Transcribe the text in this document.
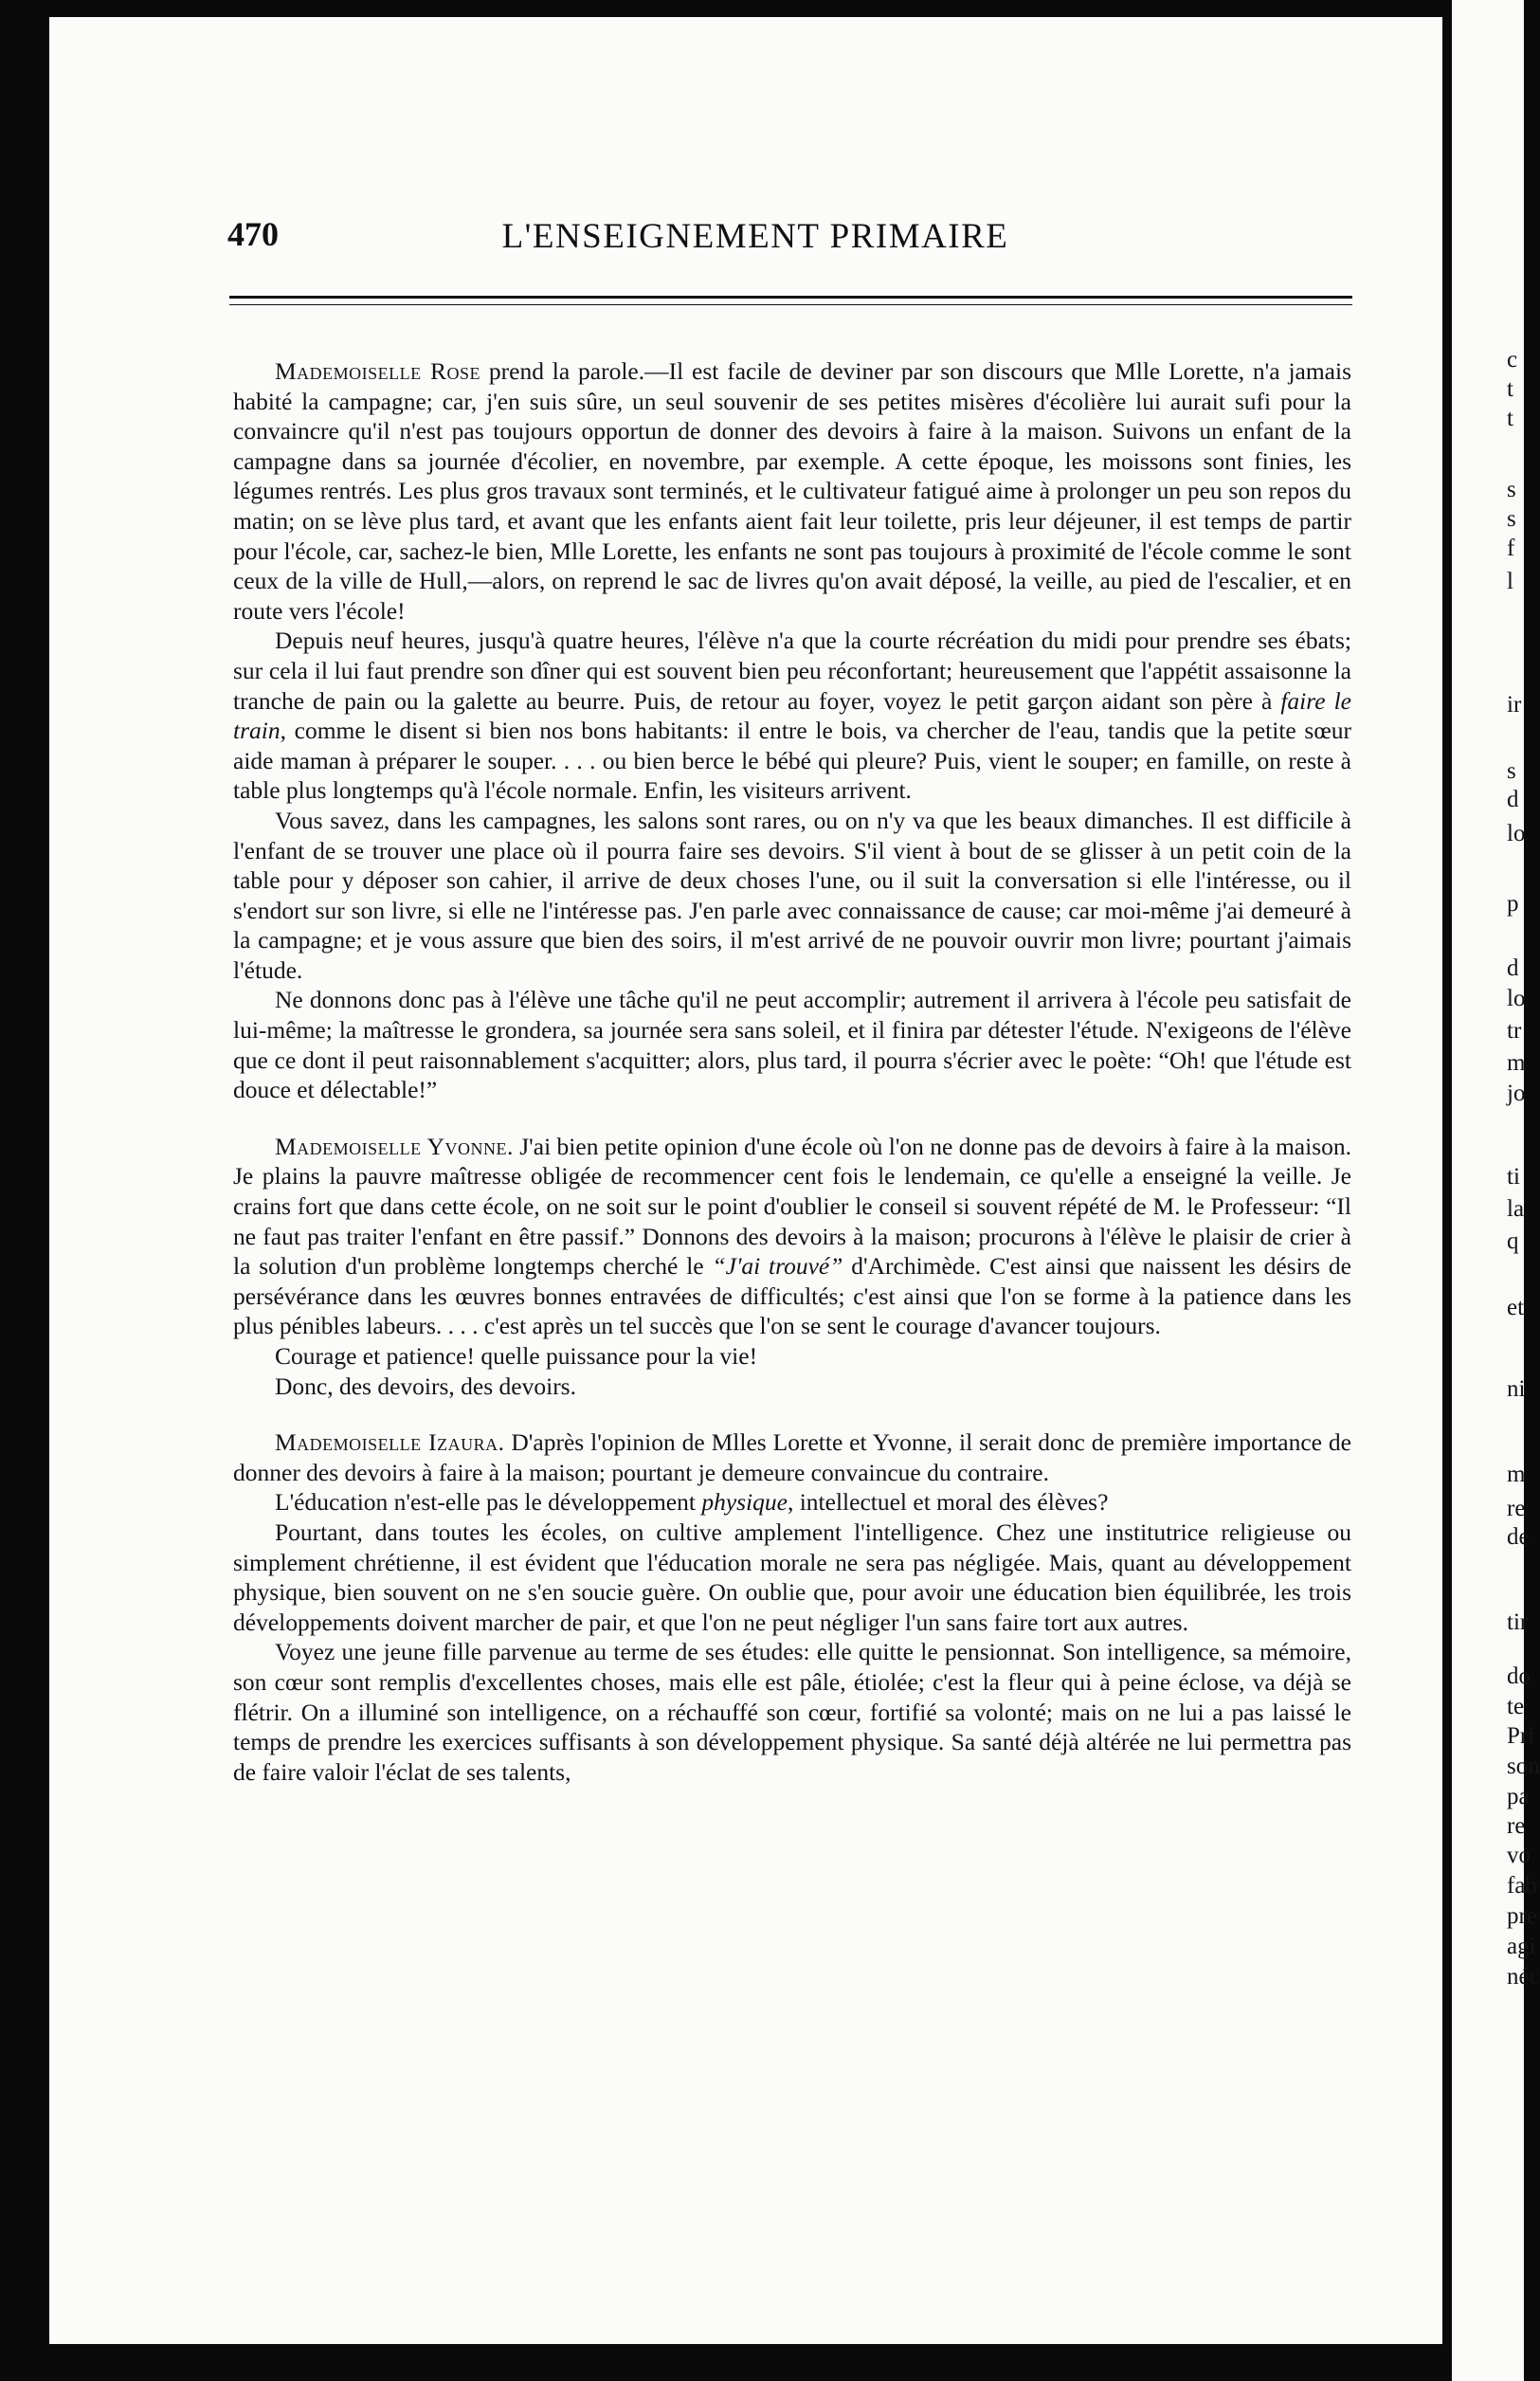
470	L'ENSEIGNEMENT PRIMAIRE

Mademoiselle Rose prend la parole.—Il est facile de deviner par son discours que Mlle Lorette, n'a jamais habité la campagne; car, j'en suis sûre, un seul souvenir de ses petites misères d'écolière lui aurait sufi pour la convaincre qu'il n'est pas toujours opportun de donner des devoirs à faire à la maison. Suivons un enfant de la campagne dans sa journée d'écolier, en novembre, par exemple. A cette époque, les moissons sont finies, les légumes rentrés. Les plus gros travaux sont terminés, et le cultivateur fatigué aime à prolonger un peu son repos du matin; on se lève plus tard, et avant que les enfants aient fait leur toilette, pris leur déjeuner, il est temps de partir pour l'école, car, sachez-le bien, Mlle Lorette, les enfants ne sont pas toujours à proximité de l'école comme le sont ceux de la ville de Hull,—alors, on reprend le sac de livres qu'on avait déposé, la veille, au pied de l'escalier, et en route vers l'école!

Depuis neuf heures, jusqu'à quatre heures, l'élève n'a que la courte récréation du midi pour prendre ses ébats; sur cela il lui faut prendre son dîner qui est souvent bien peu réconfortant; heureusement que l'appétit assaisonne la tranche de pain ou la galette au beurre. Puis, de retour au foyer, voyez le petit garçon aidant son père à faire le train, comme le disent si bien nos bons habitants: il entre le bois, va chercher de l'eau, tandis que la petite sœur aide maman à préparer le souper. . . . ou bien berce le bébé qui pleure? Puis, vient le souper; en famille, on reste à table plus longtemps qu'à l'école normale. Enfin, les visiteurs arrivent.

Vous savez, dans les campagnes, les salons sont rares, ou on n'y va que les beaux dimanches. Il est difficile à l'enfant de se trouver une place où il pourra faire ses devoirs. S'il vient à bout de se glisser à un petit coin de la table pour y déposer son cahier, il arrive de deux choses l'une, ou il suit la conversation si elle l'intéresse, ou il s'endort sur son livre, si elle ne l'intéresse pas. J'en parle avec connaissance de cause; car moi-même j'ai demeuré à la campagne; et je vous assure que bien des soirs, il m'est arrivé de ne pouvoir ouvrir mon livre; pourtant j'aimais l'étude.

Ne donnons donc pas à l'élève une tâche qu'il ne peut accomplir; autrement il arrivera à l'école peu satisfait de lui-même; la maîtresse le grondera, sa journée sera sans soleil, et il finira par détester l'étude. N'exigeons de l'élève que ce dont il peut raisonnablement s'acquitter; alors, plus tard, il pourra s'écrier avec le poète: “Oh! que l'étude est douce et délectable!”

Mademoiselle Yvonne. J'ai bien petite opinion d'une école où l'on ne donne pas de devoirs à faire à la maison. Je plains la pauvre maîtresse obligée de recommencer cent fois le lendemain, ce qu'elle a enseigné la veille. Je crains fort que dans cette école, on ne soit sur le point d'oublier le conseil si souvent répété de M. le Professeur: “Il ne faut pas traiter l'enfant en être passif.” Donnons des devoirs à la maison; procurons à l'élève le plaisir de crier à la solution d'un problème longtemps cherché le “J'ai trouvé” d'Archimède. C'est ainsi que naissent les désirs de persévérance dans les œuvres bonnes entravées de difficultés; c'est ainsi que l'on se forme à la patience dans les plus pénibles labeurs. . . . c'est après un tel succès que l'on se sent le courage d'avancer toujours.

Courage et patience! quelle puissance pour la vie!

Donc, des devoirs, des devoirs.

Mademoiselle Izaura. D'après l'opinion de Mlles Lorette et Yvonne, il serait donc de première importance de donner des devoirs à faire à la maison; pourtant je demeure convaincue du contraire.

L'éducation n'est-elle pas le développement physique, intellectuel et moral des élèves?

Pourtant, dans toutes les écoles, on cultive amplement l'intelligence. Chez une institutrice religieuse ou simplement chrétienne, il est évident que l'éducation morale ne sera pas négligée. Mais, quant au développement physique, bien souvent on ne s'en soucie guère. On oublie que, pour avoir une éducation bien équilibrée, les trois développements doivent marcher de pair, et que l'on ne peut négliger l'un sans faire tort aux autres.

Voyez une jeune fille parvenue au terme de ses études: elle quitte le pensionnat. Son intelligence, sa mémoire, son cœur sont remplis d'excellentes choses, mais elle est pâle, étiolée; c'est la fleur qui à peine éclose, va déjà se flétrir. On a illuminé son intelligence, on a réchauffé son cœur, fortifié sa volonté; mais on ne lui a pas laissé le temps de prendre les exercices suffisants à son développement physique. Sa santé déjà altérée ne lui permettra pas de faire valoir l'éclat de ses talents,

c
t
t
s
s
f
l
ir
s
d
lo
p
d
lo
tr
m
jo
ti
la
q
et
ni
m
re
de
tir
do
te
Pri
son
pa
re
vo
fab
pre
agi
néc
